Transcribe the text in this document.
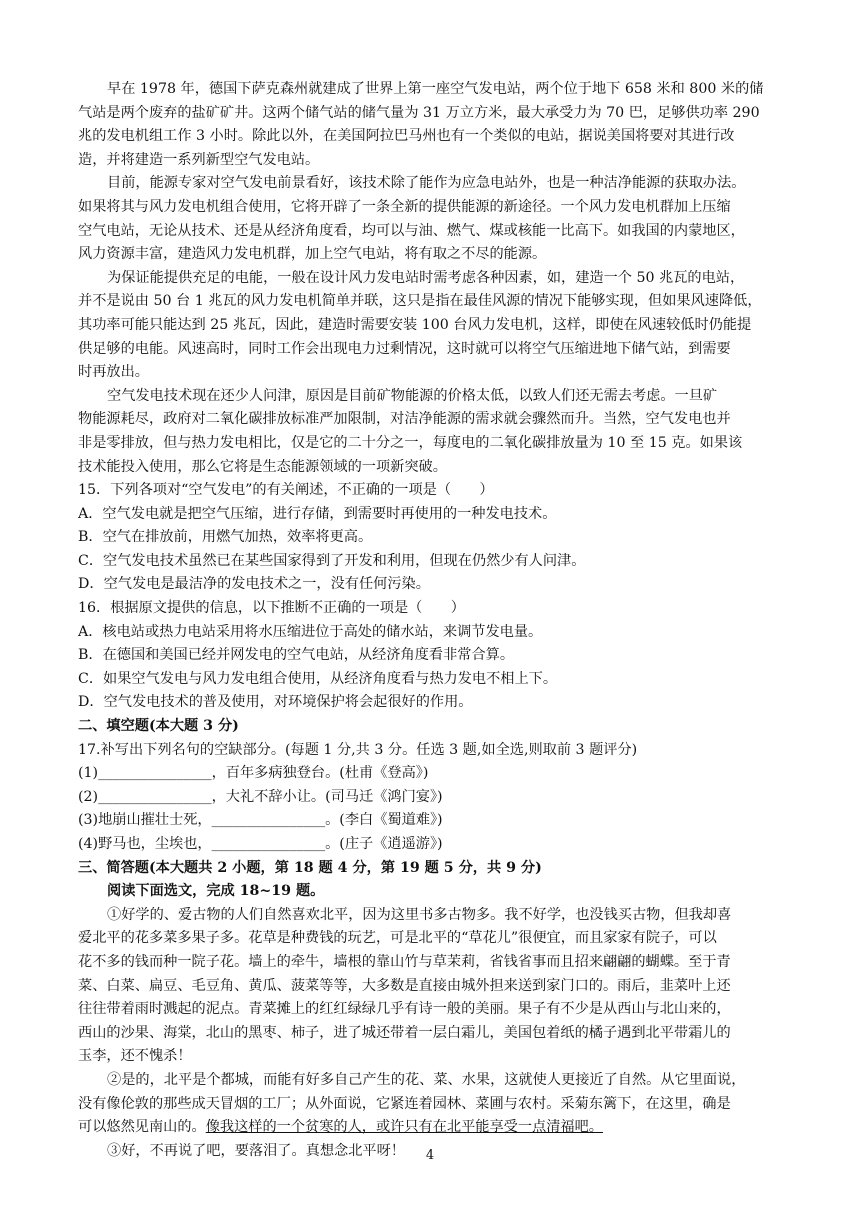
早在 1978 年，德国下萨克森州就建成了世界上第一座空气发电站，两个位于地下 658 米和 800 米的储
气站是两个废弃的盐矿矿井。这两个储气站的储气量为 31 万立方米，最大承受力为 70 巴，足够供功率 290
兆的发电机组工作 3 小时。除此以外，在美国阿拉巴马州也有一个类似的电站，据说美国将要对其进行改
造，并将建造一系列新型空气发电站。
目前，能源专家对空气发电前景看好，该技术除了能作为应急电站外，也是一种洁净能源的获取办法。
如果将其与风力发电机组合使用，它将开辟了一条全新的提供能源的新途径。一个风力发电机群加上压缩
空气电站，无论从技术、还是从经济角度看，均可以与油、燃气、煤或核能一比高下。如我国的内蒙地区，
风力资源丰富，建造风力发电机群，加上空气电站，将有取之不尽的能源。
为保证能提供充足的电能，一般在设计风力发电站时需考虑各种因素，如，建造一个 50 兆瓦的电站，
并不是说由 50 台 1 兆瓦的风力发电机简单并联，这只是指在最佳风源的情况下能够实现，但如果风速降低，
其功率可能只能达到 25 兆瓦，因此，建造时需要安装 100 台风力发电机，这样，即使在风速较低时仍能提
供足够的电能。风速高时，同时工作会出现电力过剩情况，这时就可以将空气压缩进地下储气站，到需要
时再放出。
空气发电技术现在还少人问津，原因是目前矿物能源的价格太低，以致人们还无需去考虑。一旦矿
物能源耗尽，政府对二氧化碳排放标准严加限制，对洁净能源的需求就会骤然而升。当然，空气发电也并
非是零排放，但与热力发电相比，仅是它的二十分之一，每度电的二氧化碳排放量为 10 至 15 克。如果该
技术能投入使用，那么它将是生态能源领域的一项新突破。
15．下列各项对“空气发电”的有关阐述，不正确的一项是（　　）
A．空气发电就是把空气压缩，进行存储，到需要时再使用的一种发电技术。
B．空气在排放前，用燃气加热，效率将更高。
C．空气发电技术虽然已在某些国家得到了开发和利用，但现在仍然少有人问津。
D．空气发电是最洁净的发电技术之一，没有任何污染。
16．根据原文提供的信息，以下推断不正确的一项是（　　）
A．核电站或热力电站采用将水压缩进位于高处的储水站，来调节发电量。
B．在德国和美国已经并网发电的空气电站，从经济角度看非常合算。
C．如果空气发电与风力发电组合使用，从经济角度看与热力发电不相上下。
D．空气发电技术的普及使用，对环境保护将会起很好的作用。
二、填空题(本大题 3 分)
17.补写出下列名句的空缺部分。(每题 1 分,共 3 分。任选 3 题,如全选,则取前 3 题评分)
(1)________________，百年多病独登台。(杜甫《登高》)
(2)________________，大礼不辞小让。(司马迁《鸿门宴》)
(3)地崩山摧壮士死，________________。(李白《蜀道难》)
(4)野马也，尘埃也，________________。(庄子《逍遥游》)
三、简答题(本大题共 2 小题，第 18 题 4 分，第 19 题 5 分，共 9 分)
阅读下面选文，完成 18~19 题。
①好学的、爱古物的人们自然喜欢北平，因为这里书多古物多。我不好学，也没钱买古物，但我却喜
爱北平的花多菜多果子多。花草是种费钱的玩艺，可是北平的“草花儿”很便宜，而且家家有院子，可以
花不多的钱而种一院子花。墙上的牵牛，墙根的靠山竹与草茉莉，省钱省事而且招来翩翩的蝴蝶。至于青
菜、白菜、扁豆、毛豆角、黄瓜、菠菜等等，大多数是直接由城外担来送到家门口的。雨后，韭菜叶上还
往往带着雨时溅起的泥点。青菜摊上的红红绿绿几乎有诗一般的美丽。果子有不少是从西山与北山来的，
西山的沙果、海棠，北山的黑枣、柿子，进了城还带着一层白霜儿，美国包着纸的橘子遇到北平带霜儿的
玉李，还不愧杀！
②是的，北平是个都城，而能有好多自己产生的花、菜、水果，这就使人更接近了自然。从它里面说，
没有像伦敦的那些成天冒烟的工厂；从外面说，它紧连着园林、菜圃与农村。采菊东篱下，在这里，确是
可以悠然见南山的。像我这样的一个贫寒的人，或许只有在北平能享受一点清福吧。
③好，不再说了吧，要落泪了。真想念北平呀！	4
